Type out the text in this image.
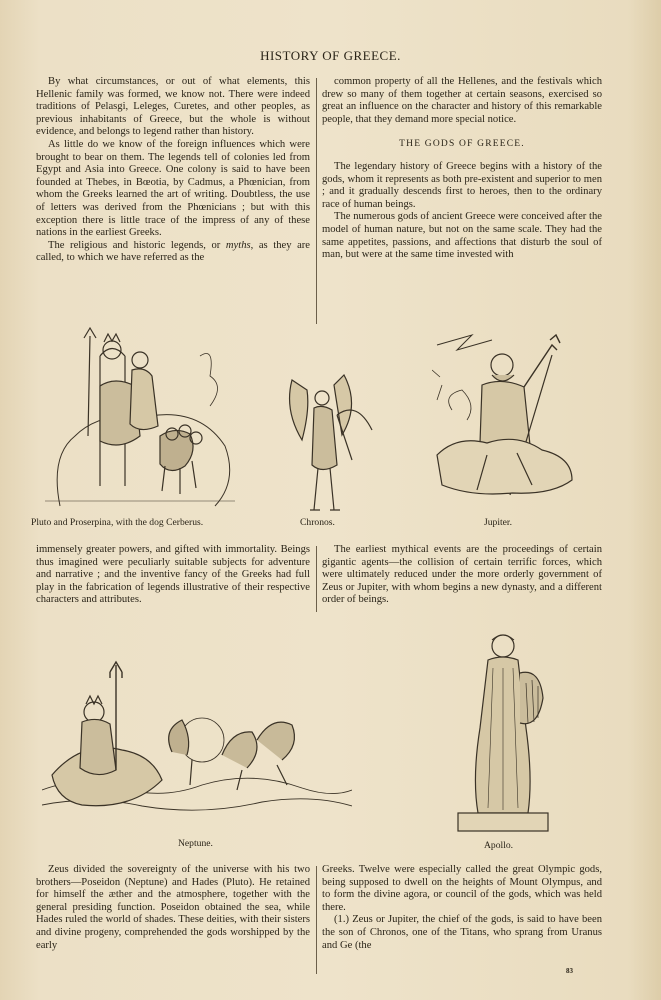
HISTORY OF GREECE.

By what circumstances, or out of what elements, this Hellenic family was formed, we know not. There were indeed traditions of Pelasgi, Leleges, Curetes, and other peoples, as previous inhabitants of Greece, but the whole is without evidence, and belongs to legend rather than history.

As little do we know of the foreign influences which were brought to bear on them. The legends tell of colonies led from Egypt and Asia into Greece. One colony is said to have been founded at Thebes, in Bœotia, by Cadmus, a Phœnician, from whom the Greeks learned the art of writing. Doubtless, the use of letters was derived from the Phœnicians ; but with this exception there is little trace of the impress of any of these nations in the earliest Greeks.

The religious and historic legends, or myths, as they are called, to which we have referred as the

common property of all the Hellenes, and the festivals which drew so many of them together at certain seasons, exercised so great an influence on the character and history of this remarkable people, that they demand more special notice.

THE GODS OF GREECE.

The legendary history of Greece begins with a history of the gods, whom it represents as both pre-existent and superior to men ; and it gradually descends first to heroes, then to the ordinary race of human beings.

The numerous gods of ancient Greece were conceived after the model of human nature, but not on the same scale. They had the same appetites, passions, and affections that disturb the soul of man, but were at the same time invested with

Pluto and Proserpina, with the dog Cerberus.	Chronos.	Jupiter.

immensely greater powers, and gifted with immortality. Beings thus imagined were peculiarly suitable subjects for adventure and narrative ; and the inventive fancy of the Greeks had full play in the fabrication of legends illustrative of their respective characters and attributes.

The earliest mythical events are the proceedings of certain gigantic agents—the collision of certain terrific forces, which were ultimately reduced under the more orderly government of Zeus or Jupiter, with whom begins a new dynasty, and a different order of beings.

Neptune.	Apollo.

Zeus divided the sovereignty of the universe with his two brothers—Poseidon (Neptune) and Hades (Pluto). He retained for himself the æther and the atmosphere, together with the general presiding function. Poseidon obtained the sea, while Hades ruled the world of shades. These deities, with their sisters and divine progeny, comprehended the gods worshipped by the early

Greeks. Twelve were especially called the great Olympic gods, being supposed to dwell on the heights of Mount Olympus, and to form the divine agora, or council of the gods, which was held there.

(1.) Zeus or Jupiter, the chief of the gods, is said to have been the son of Chronos, one of the Titans, who sprang from Uranus and Ge (the

83
